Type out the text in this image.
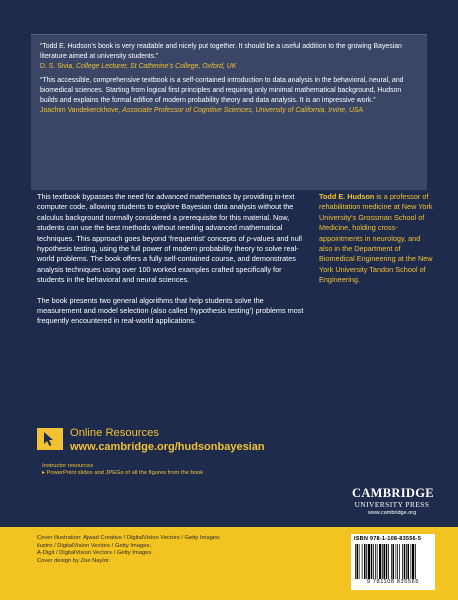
“Todd E. Hudson’s book is very readable and nicely put together. It should be a useful addition to the growing Bayesian literature aimed at university students.”

D. S. Sivia, College Lecturer, St Catherine’s College, Oxford, UK

“This accessible, comprehensive textbook is a self-contained introduction to data analysis in the behavioral, neural, and biomedical sciences. Starting from logical first principles and requiring only minimal mathematical background, Hudson builds and explains the formal edifice of modern probability theory and data analysis. It is an impressive work.”

Joachim Vandekerckhove, Associate Professor of Cognitive Sciences, University of California, Irvine, USA

This textbook bypasses the need for advanced mathematics by providing in-text computer code, allowing students to explore Bayesian data analysis without the calculus background normally considered a prerequisite for this material. Now, students can use the best methods without needing advanced mathematical techniques. This approach goes beyond ‘frequentist’ concepts of p-values and null hypothesis testing, using the full power of modern probability theory to solve real-world problems. The book offers a fully self-contained course, and demonstrates analysis techniques using over 100 worked examples crafted specifically for students in the behavioral and neural sciences.

The book presents two general algorithms that help students solve the measurement and model selection (also called ‘hypothesis testing’) problems most frequently encountered in real-world applications.

Todd E. Hudson is a professor of rehabilitation medicine at New York University’s Grossman School of Medicine, holding cross-appointments in neurology, and also in the Department of Biomedical Engineering at the New York University Tandon School of Engineering.

Online Resources
www.cambridge.org/hudsonbayesian
Instructor resources
▸ PowerPoint slides and JPEGs of all the figures from the book
CAMBRIDGE
UNIVERSITY PRESS
www.cambridge.org
Cover illustration: Ajwad Creative / DigitalVision Vectors / Getty Images;
ilustro / DigitalVision Vectors / Getty Images;
A-Digit / DigitalVision Vectors / Getty Images.
Cover design by Zoe Naylor.
ISBN 978-1-108-83556-5
9 781108 835565
